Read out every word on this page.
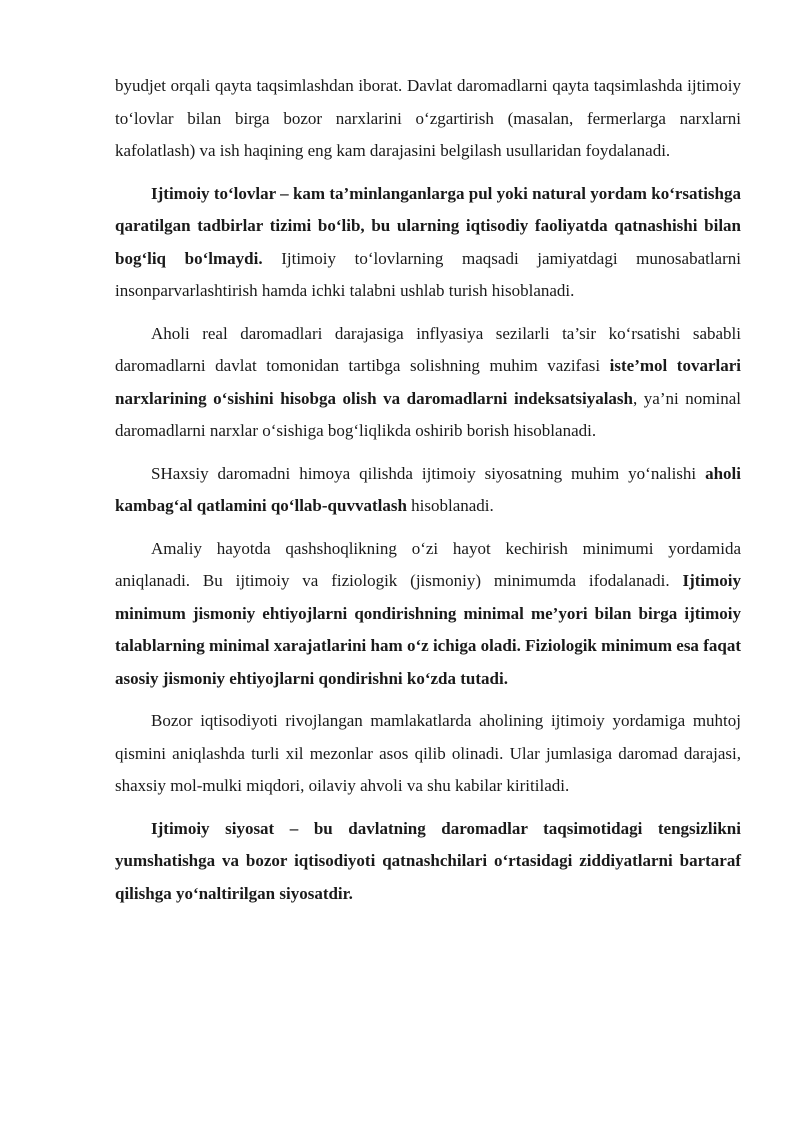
byudjet orqali qayta taqsimlashdan iborat. Davlat daromadlarni qayta taqsimlashda ijtimoiy to‘lovlar bilan birga bozor narxlarini o‘zgartirish (masalan, fermerlarga narxlarni kafolatlash) va ish haqining eng kam darajasini belgilash usullaridan foydalanadi.

Ijtimoiy to‘lovlar – kam ta’minlanganlarga pul yoki natural yordam ko‘rsatishga qaratilgan tadbirlar tizimi bo‘lib, bu ularning iqtisodiy faoliyatda qatnashishi bilan bog‘liq bo‘lmaydi. Ijtimoiy to‘lovlarning maqsadi jamiyatdagi munosabatlarni insonparvarlashtirish hamda ichki talabni ushlab turish hisoblanadi.

Aholi real daromadlari darajasiga inflyasiya sezilarli ta’sir ko‘rsatishi sababli daromadlarni davlat tomonidan tartibga solishning muhim vazifasi iste’mol tovarlari narxlarining o‘sishini hisobga olish va daromadlarni indeksatsiyalash, ya’ni nominal daromadlarni narxlar o‘sishiga bog‘liqlikda oshirib borish hisoblanadi.

SHaxsiy daromadni himoya qilishda ijtimoiy siyosatning muhim yo‘nalishi aholi kambag‘al qatlamini qo‘llab-quvvatlash hisoblanadi.

Amaliy hayotda qashshoqlikning o‘zi hayot kechirish minimumi yordamida aniqlanadi. Bu ijtimoiy va fiziologik (jismoniy) minimumda ifodalanadi. Ijtimoiy minimum jismoniy ehtiyojlarni qondirishning minimal me’yori bilan birga ijtimoiy talablarning minimal xarajatlarini ham o‘z ichiga oladi. Fiziologik minimum esa faqat asosiy jismoniy ehtiyojlarni qondirishni ko‘zda tutadi.

Bozor iqtisodiyoti rivojlangan mamlakatlarda aholining ijtimoiy yordamiga muhtoj qismini aniqlashda turli xil mezonlar asos qilib olinadi. Ular jumlasiga daromad darajasi, shaxsiy mol-mulki miqdori, oilaviy ahvoli va shu kabilar kiritiladi.

Ijtimoiy siyosat – bu davlatning daromadlar taqsimotidagi tengsizlikni yumshatishga va bozor iqtisodiyoti qatnashchilari o‘rtasidagi ziddiyatlarni bartaraf qilishga yo‘naltirilgan siyosatdir.
